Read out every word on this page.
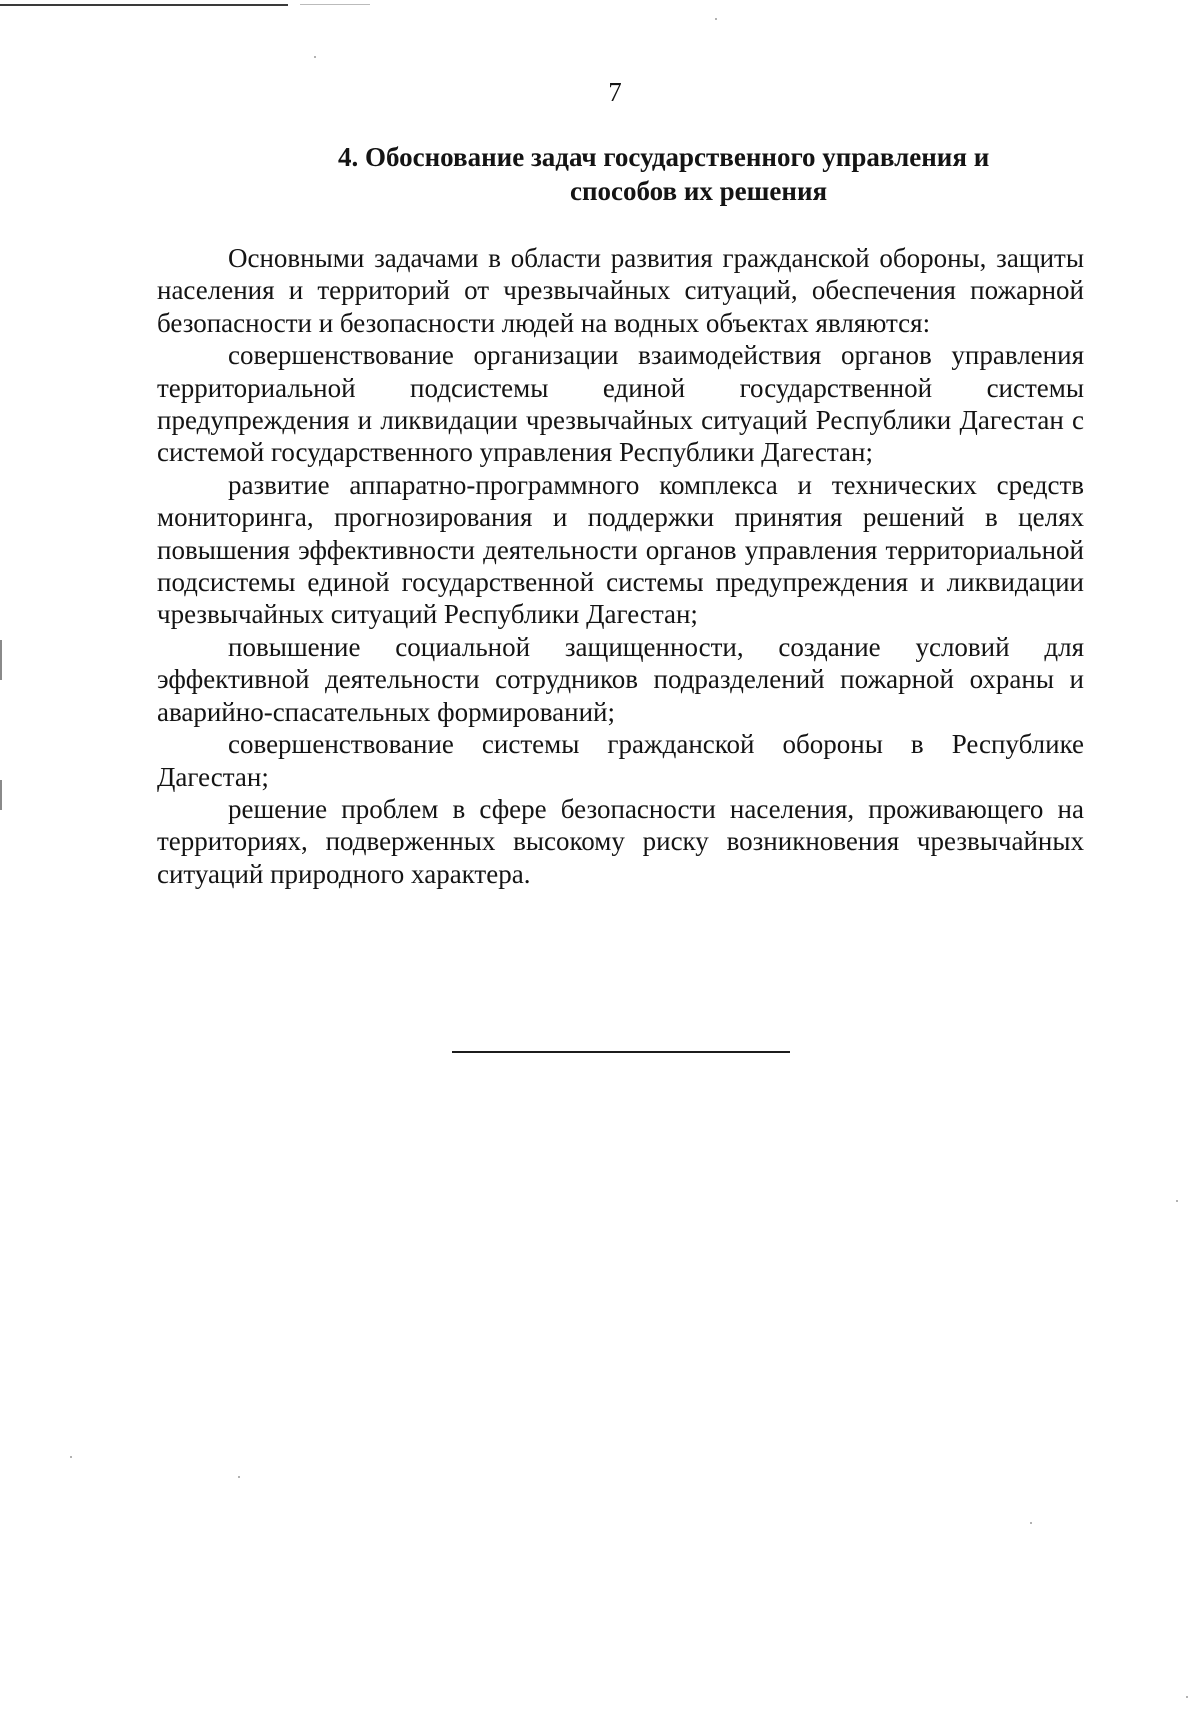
7
4. Обоснование задач государственного управления и
способов их решения

Основными задачами в области развития гражданской обороны, защиты населения и территорий от чрезвычайных ситуаций, обеспечения пожарной безопасности и безопасности людей на водных объектах являются:

совершенствование организации взаимодействия органов управления территориальной подсистемы единой государственной системы предупреждения и ликвидации чрезвычайных ситуаций Республики Дагестан с системой государственного управления Республики Дагестан;

развитие аппаратно-программного комплекса и технических средств мониторинга, прогнозирования и поддержки принятия решений в целях повышения эффективности деятельности органов управления территориальной подсистемы единой государственной системы предупреждения и ликвидации чрезвычайных ситуаций Республики Дагестан;

повышение социальной защищенности, создание условий для эффективной деятельности сотрудников подразделений пожарной охраны и аварийно-спасательных формирований;

совершенствование системы гражданской обороны в Республике Дагестан;

решение проблем в сфере безопасности населения, проживающего на территориях, подверженных высокому риску возникновения чрезвычайных ситуаций природного характера.
